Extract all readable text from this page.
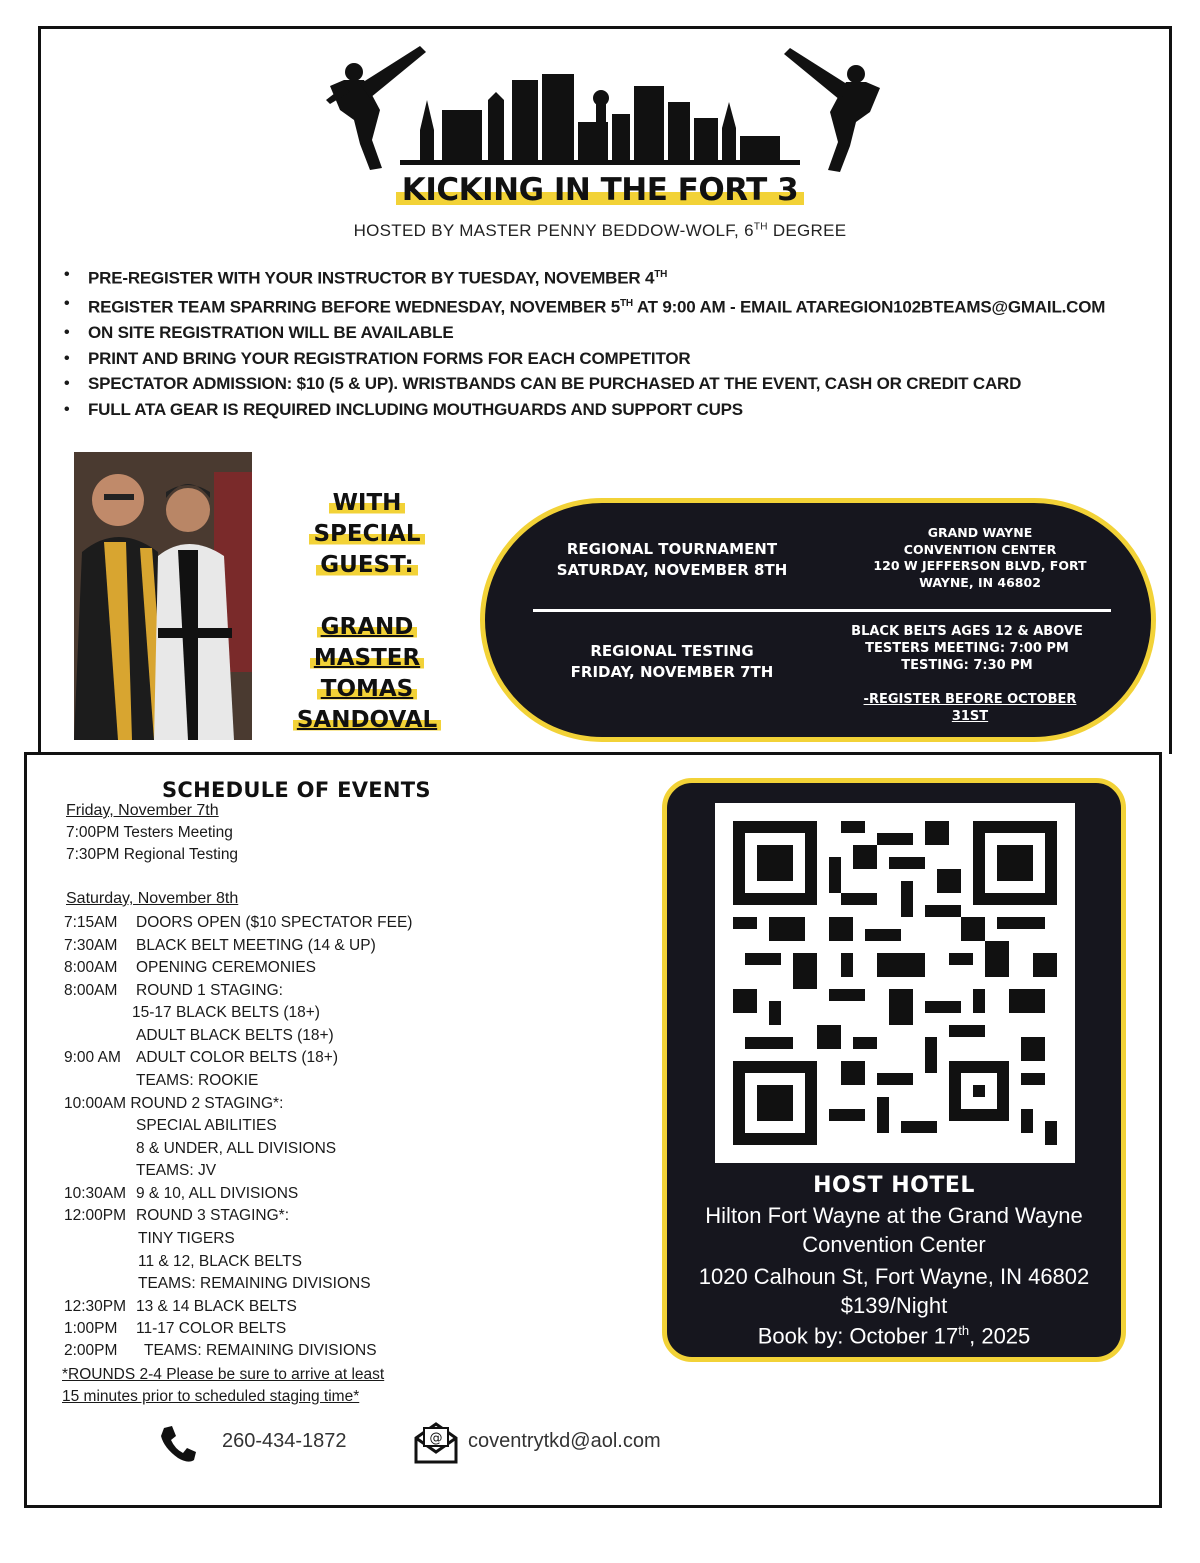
KICKING IN THE FORT 3
HOSTED BY MASTER PENNY BEDDOW-WOLF, 6TH DEGREE
• PRE-REGISTER WITH YOUR INSTRUCTOR BY TUESDAY, NOVEMBER 4TH
• REGISTER TEAM SPARRING BEFORE WEDNESDAY, NOVEMBER 5TH AT 9:00 AM - EMAIL ATAREGION102BTEAMS@GMAIL.COM
• ON SITE REGISTRATION WILL BE AVAILABLE
• PRINT AND BRING YOUR REGISTRATION FORMS FOR EACH COMPETITOR
• SPECTATOR ADMISSION: $10 (5 & UP). WRISTBANDS CAN BE PURCHASED AT THE EVENT, CASH OR CREDIT CARD
• FULL ATA GEAR IS REQUIRED INCLUDING MOUTHGUARDS AND SUPPORT CUPS
WITH
SPECIAL
GUEST:
GRAND
MASTER
TOMAS
SANDOVAL
REGIONAL TOURNAMENT
SATURDAY, NOVEMBER 8TH
GRAND WAYNE
CONVENTION CENTER
120 W JEFFERSON BLVD, FORT
WAYNE, IN 46802
REGIONAL TESTING
FRIDAY, NOVEMBER 7TH
BLACK BELTS AGES 12 & ABOVE
TESTERS MEETING: 7:00 PM
TESTING: 7:30 PM
-REGISTER BEFORE OCTOBER
31ST
SCHEDULE OF EVENTS
Friday, November 7th
7:00PM Testers Meeting
7:30PM Regional Testing
Saturday, November 8th
7:15AM DOORS OPEN ($10 SPECTATOR FEE)
7:30AM BLACK BELT MEETING (14 & UP)
8:00AM OPENING CEREMONIES
8:00AM ROUND 1 STAGING:
15-17 BLACK BELTS (18+)
ADULT BLACK BELTS (18+)
9:00 AM ADULT COLOR BELTS (18+)
TEAMS: ROOKIE
10:00AM ROUND 2 STAGING*:
SPECIAL ABILITIES
8 & UNDER, ALL DIVISIONS
TEAMS: JV
10:30AM 9 & 10, ALL DIVISIONS
12:00PM ROUND 3 STAGING*:
TINY TIGERS
11 & 12, BLACK BELTS
TEAMS: REMAINING DIVISIONS
12:30PM 13 & 14 BLACK BELTS
1:00PM 11-17 COLOR BELTS
2:00PM TEAMS: REMAINING DIVISIONS
*ROUNDS 2-4 Please be sure to arrive at least
15 minutes prior to scheduled staging time*
HOST HOTEL
Hilton Fort Wayne at the Grand Wayne
Convention Center
1020 Calhoun St, Fort Wayne, IN 46802
$139/Night
Book by: October 17th, 2025
260-434-1872	@ coventrytkd@aol.com
